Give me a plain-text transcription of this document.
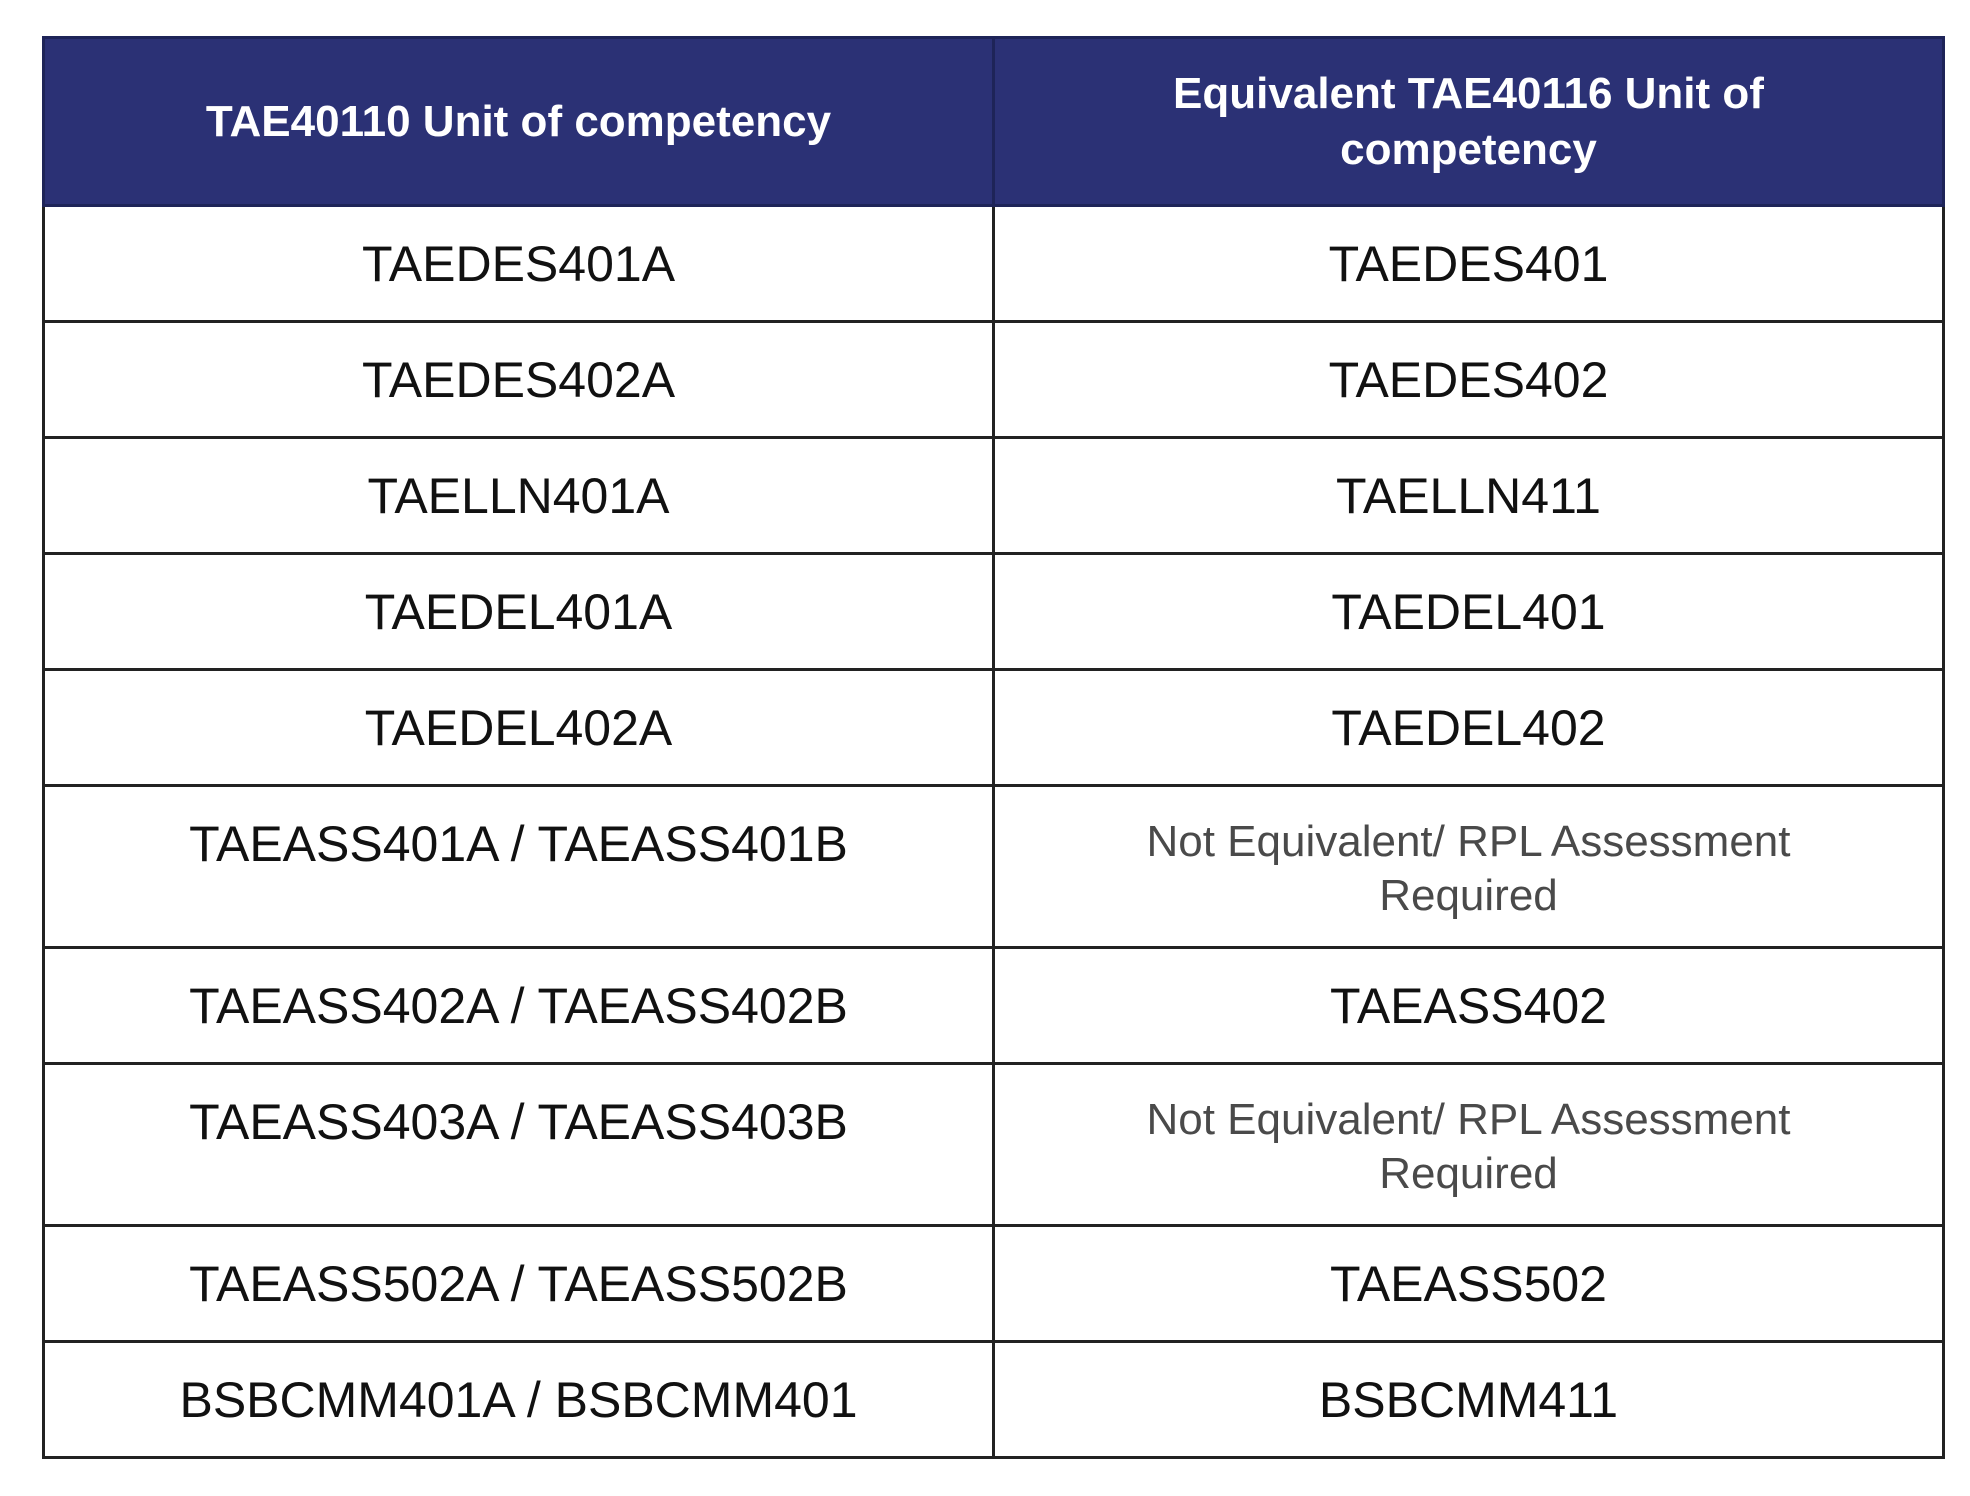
TAE40110 Unit of competency	Equivalent TAE40116 Unit of competency
TAEDES401A	TAEDES401
TAEDES402A	TAEDES402
TAELLN401A	TAELLN411
TAEDEL401A	TAEDEL401
TAEDEL402A	TAEDEL402
TAEASS401A / TAEASS401B	Not Equivalent/ RPL Assessment Required
TAEASS402A / TAEASS402B	TAEASS402
TAEASS403A / TAEASS403B	Not Equivalent/ RPL Assessment Required
TAEASS502A / TAEASS502B	TAEASS502
BSBCMM401A / BSBCMM401	BSBCMM411
